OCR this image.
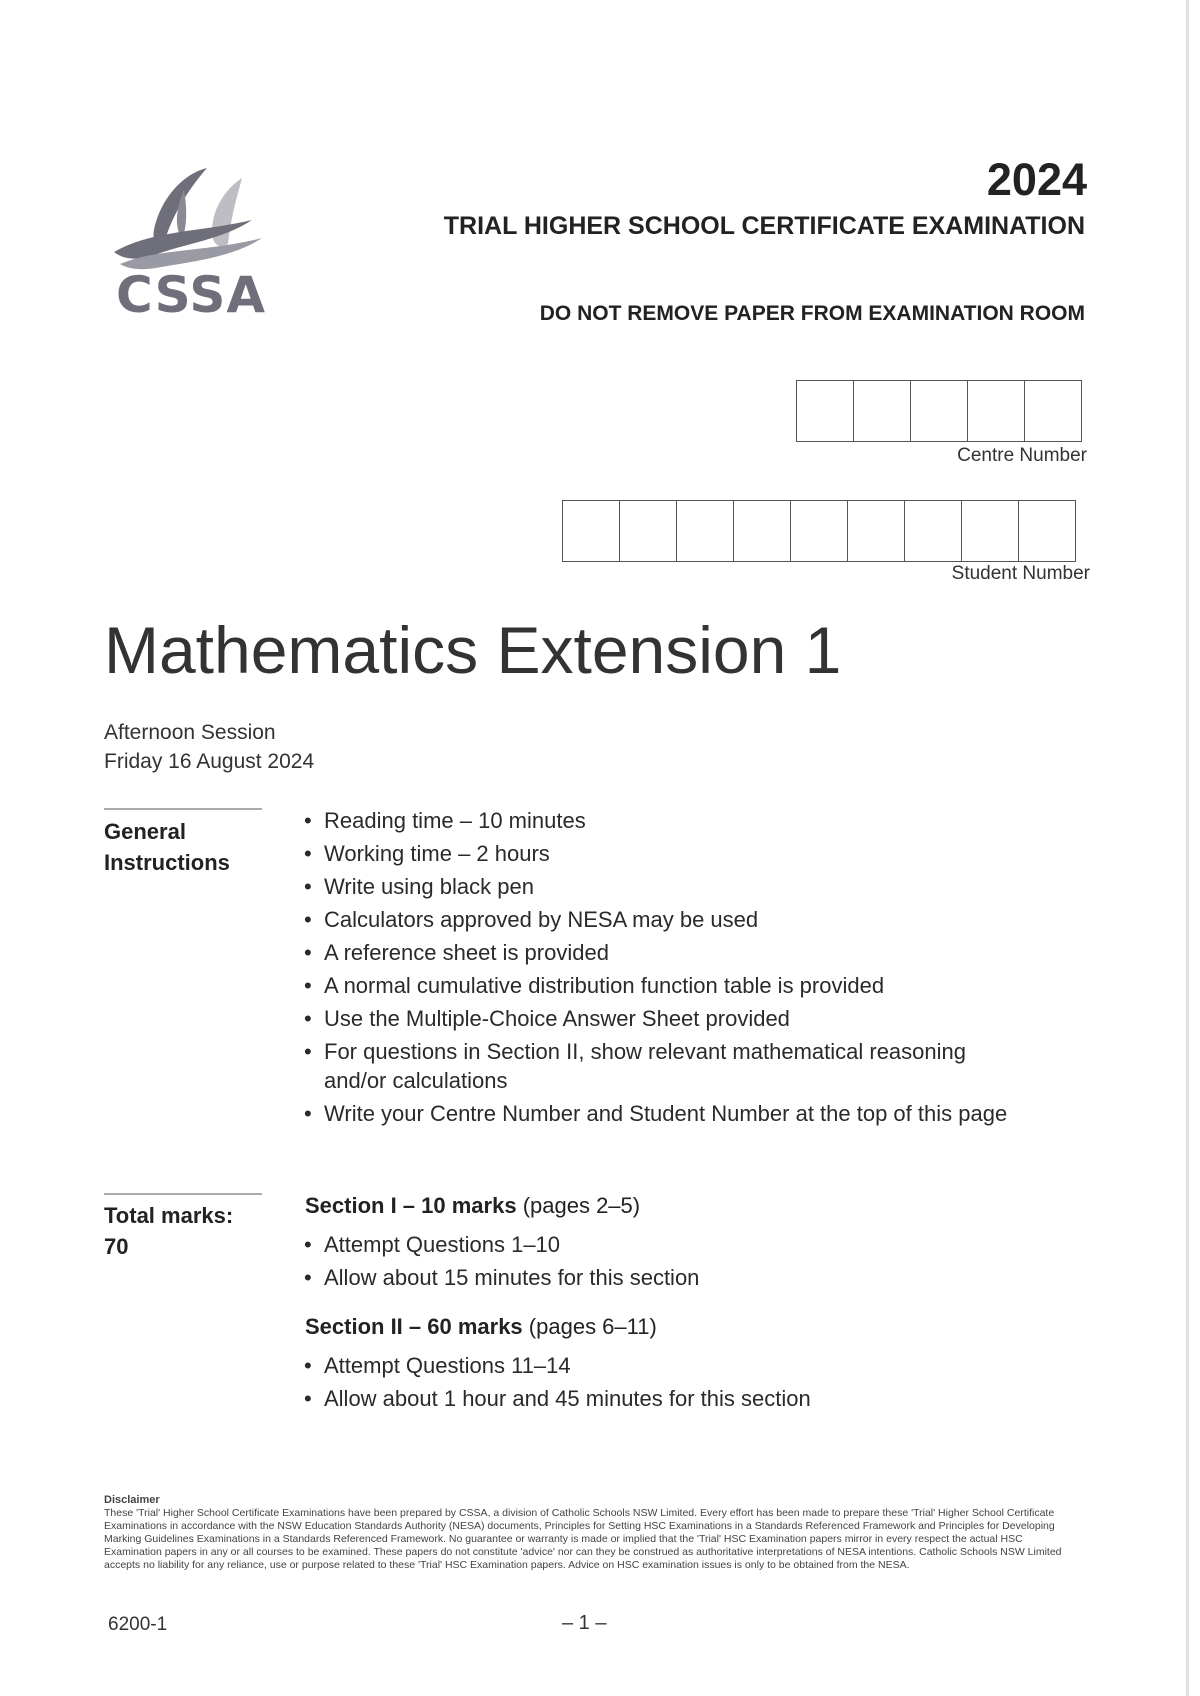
CSSA
2024
TRIAL HIGHER SCHOOL CERTIFICATE EXAMINATION
DO NOT REMOVE PAPER FROM EXAMINATION ROOM
Centre Number
Student Number
Mathematics Extension 1
Afternoon Session
Friday 16 August 2024
General
Instructions
• Reading time – 10 minutes
• Working time – 2 hours
• Write using black pen
• Calculators approved by NESA may be used
• A reference sheet is provided
• A normal cumulative distribution function table is provided
• Use the Multiple-Choice Answer Sheet provided
• For questions in Section II, show relevant mathematical reasoning and/or calculations
• Write your Centre Number and Student Number at the top of this page
Total marks:
70
Section I – 10 marks (pages 2–5)
• Attempt Questions 1–10
• Allow about 15 minutes for this section
Section II – 60 marks (pages 6–11)
• Attempt Questions 11–14
• Allow about 1 hour and 45 minutes for this section
Disclaimer
These 'Trial' Higher School Certificate Examinations have been prepared by CSSA, a division of Catholic Schools NSW Limited. Every effort has been made to prepare these 'Trial' Higher School Certificate Examinations in accordance with the NSW Education Standards Authority (NESA) documents, Principles for Setting HSC Examinations in a Standards Referenced Framework and Principles for Developing Marking Guidelines Examinations in a Standards Referenced Framework. No guarantee or warranty is made or implied that the 'Trial' HSC Examination papers mirror in every respect the actual HSC Examination papers in any or all courses to be examined. These papers do not constitute 'advice' nor can they be construed as authoritative interpretations of NESA intentions. Catholic Schools NSW Limited accepts no liability for any reliance, use or purpose related to these 'Trial' HSC Examination papers. Advice on HSC examination issues is only to be obtained from the NESA.
6200-1	– 1 –
